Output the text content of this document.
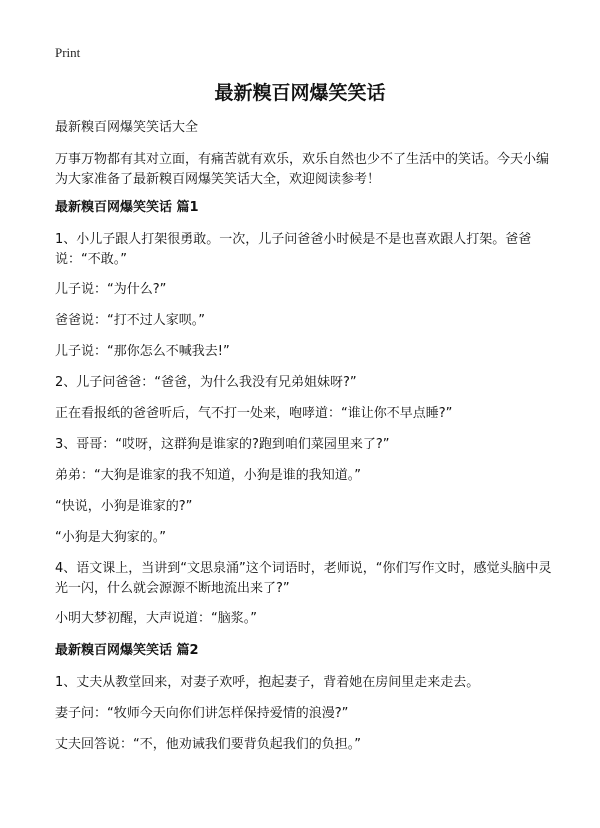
Print
最新糗百网爆笑笑话

最新糗百网爆笑笑话大全

万事万物都有其对立面，有痛苦就有欢乐，欢乐自然也少不了生活中的笑话。今天小编为大家准备了最新糗百网爆笑笑话大全，欢迎阅读参考！

最新糗百网爆笑笑话 篇1

1、小儿子跟人打架很勇敢。一次，儿子问爸爸小时候是不是也喜欢跟人打架。爸爸说：“不敢。”

儿子说：“为什么?”

爸爸说：“打不过人家呗。”

儿子说：“那你怎么不喊我去!”

2、儿子问爸爸：“爸爸，为什么我没有兄弟姐妹呀?”

正在看报纸的爸爸听后，气不打一处来，咆哮道：“谁让你不早点睡?”

3、哥哥：“哎呀，这群狗是谁家的?跑到咱们菜园里来了?”

弟弟：“大狗是谁家的我不知道，小狗是谁的我知道。”

“快说，小狗是谁家的?”

“小狗是大狗家的。”

4、语文课上，当讲到“文思泉涌”这个词语时，老师说，“你们写作文时，感觉头脑中灵光一闪，什么就会源源不断地流出来了?”

小明大梦初醒，大声说道：“脑浆。”

最新糗百网爆笑笑话 篇2

1、丈夫从教堂回来，对妻子欢呼，抱起妻子，背着她在房间里走来走去。

妻子问：“牧师今天向你们讲怎样保持爱情的浪漫?”

丈夫回答说：“不，他劝诫我们要背负起我们的负担。”
